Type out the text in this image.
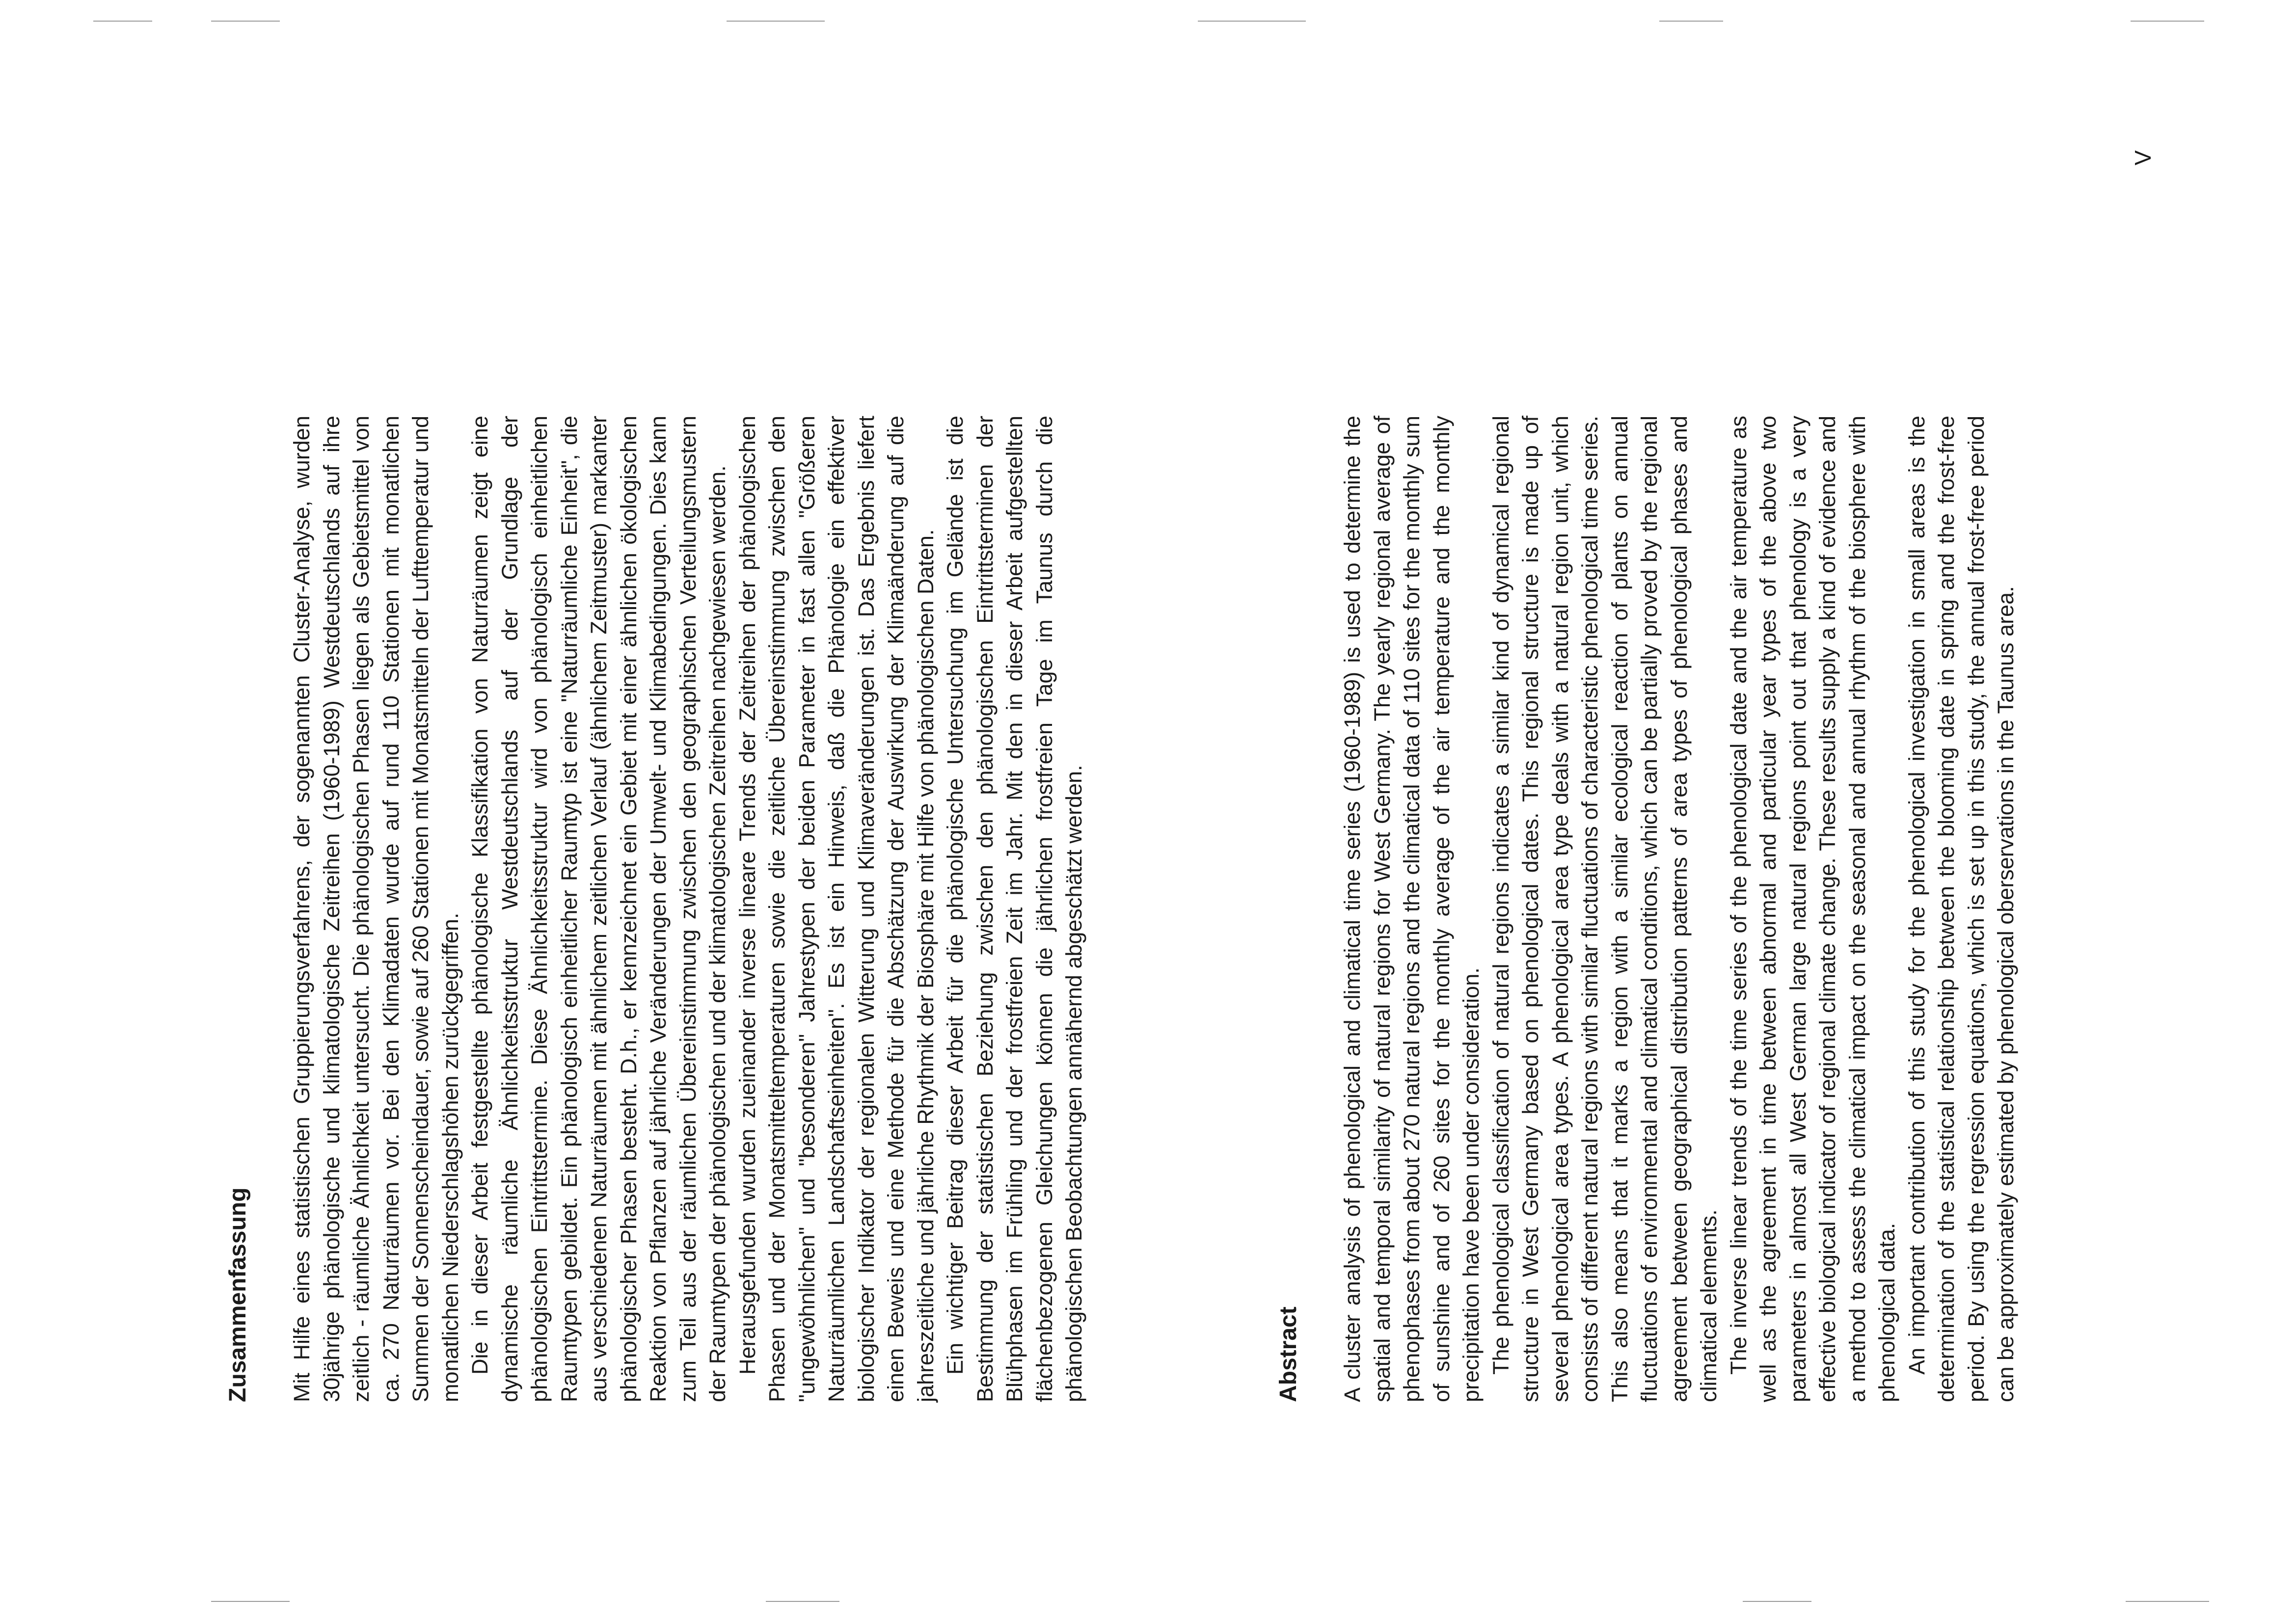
Zusammenfassung Mit Hilfe eines statistischen Gruppierungsverfahrens, der sogenannten Cluster-Analyse, wurden 30jährige phänologische und klimatologische Zeitreihen (1960-1989) Westdeutschlands auf ihre zeitlich - räumliche Ähnlichkeit untersucht. Die phänologischen Phasen liegen als Gebietsmittel von ca. 270 Naturräumen vor. Bei den Klimadaten wurde auf rund 110 Stationen mit monatlichen Summen der Sonnenscheindauer, sowie auf 260 Stationen mit Monatsmitteln der Lufttemperatur und monatlichen Niederschlagshöhen zurückgegriffen. Die in dieser Arbeit festgestellte phänologische Klassifikation von Naturräumen zeigt eine dynamische räumliche Ähnlichkeitsstruktur Westdeutschlands auf der Grundlage der phänologischen Eintrittstermine. Diese Ähnlichkeitsstruktur wird von phänologisch einheitlichen Raumtypen gebildet. Ein phänologisch einheitlicher Raumtyp ist eine "Naturräumliche Einheit", die aus verschiedenen Naturräumen mit ähnlichem zeitlichen Verlauf (ähnlichem Zeitmuster) markanter phänologischer Phasen besteht. D.h., er kennzeichnet ein Gebiet mit einer ähnlichen ökologischen Reaktion von Pflanzen auf jährliche Veränderungen der Umwelt- und Klimabedingungen. Dies kann zum Teil aus der räumlichen Übereinstimmung zwischen den geographischen Verteilungsmustern der Raumtypen der phänologischen und der klimatologischen Zeitreihen nachgewiesen werden. Herausgefunden wurden zueinander inverse lineare Trends der Zeitreihen der phänologischen Phasen und der Monatsmitteltemperaturen sowie die zeitliche Übereinstimmung zwischen den "ungewöhnlichen" und "besonderen" Jahrestypen der beiden Parameter in fast allen "Größeren Naturräumlichen Landschaftseinheiten". Es ist ein Hinweis, daß die Phänologie ein effektiver biologischer Indikator der regionalen Witterung und Klimaveränderungen ist. Das Ergebnis liefert einen Beweis und eine Methode für die Abschätzung der Auswirkung der Klimaänderung auf die jahreszeitliche und jährliche Rhythmik der Biosphäre mit Hilfe von phänologischen Daten. Ein wichtiger Beitrag dieser Arbeit für die phänologische Untersuchung im Gelände ist die Bestimmung der statistischen Beziehung zwischen den phänologischen Eintrittsterminen der Blühphasen im Frühling und der frostfreien Zeit im Jahr. Mit den in dieser Arbeit aufgestellten flächenbezogenen Gleichungen können die jährlichen frostfreien Tage im Taunus durch die phänologischen Beobachtungen annähernd abgeschätzt werden.	Abstract A cluster analysis of phenological and climatical time series (1960-1989) is used to determine the spatial and temporal similarity of natural regions for West Germany. The yearly regional average of phenophases from about 270 natural regions and the climatical data of 110 sites for the monthly sum of sunshine and of 260 sites for the monthly average of the air temperature and the monthly precipitation have been under consideration. The phenological classification of natural regions indicates a similar kind of dynamical regional structure in West Germany based on phenological dates. This regional structure is made up of several phenological area types. A phenological area type deals with a natural region unit, which consists of different natural regions with similar fluctuations of characteristic phenological time series. This also means that it marks a region with a similar ecological reaction of plants on annual fluctuations of environmental and climatical conditions, which can be partially proved by the regional agreement between geographical distribution patterns of area types of phenological phases and climatical elements. The inverse linear trends of the time series of the phenological date and the air temperature as well as the agreement in time between abnormal and particular year types of the above two parameters in almost all West German large natural regions point out that phenology is a very effective biological indicator of regional climate change. These results supply a kind of evidence and a method to assess the climatical impact on the seasonal and annual rhythm of the biosphere with phenological data. An important contribution of this study for the phenological investigation in small areas is the determination of the statistical relationship between the blooming date in spring and the frost-free period. By using the regression equations, which is set up in this study, the annual frost-free period can be approximately estimated by phenological oberservations in the Taunus area.

V
